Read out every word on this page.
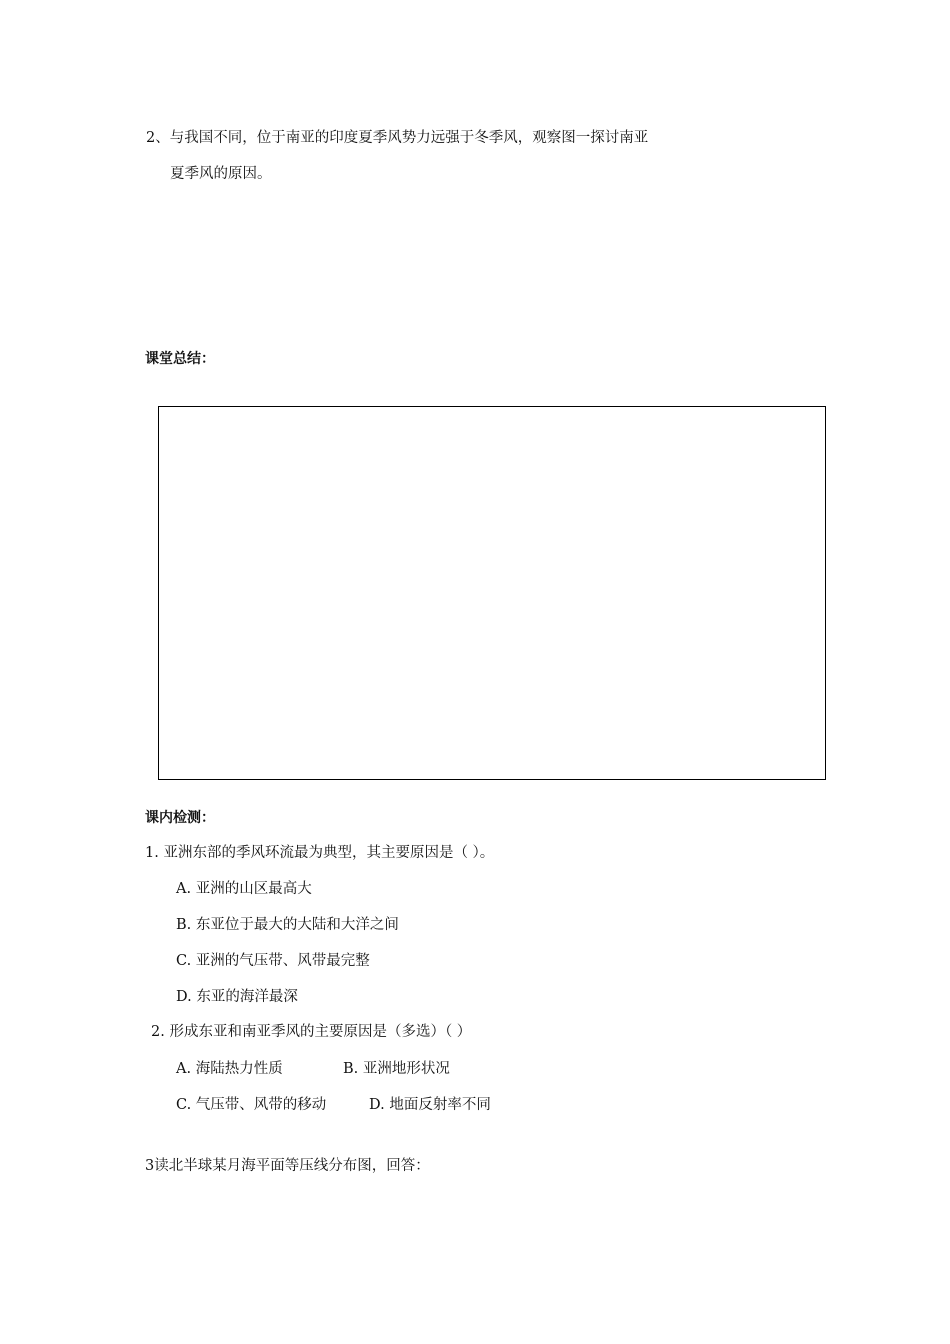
2、与我国不同，位于南亚的印度夏季风势力远强于冬季风，观察图一探讨南亚
夏季风的原因。
课堂总结：
课内检测：
1. 亚洲东部的季风环流最为典型，其主要原因是（ ）。
A. 亚洲的山区最高大
B. 东亚位于最大的大陆和大洋之间
C. 亚洲的气压带、风带最完整
D. 东亚的海洋最深
2. 形成东亚和南亚季风的主要原因是（多选）（ ）
A. 海陆热力性质	B. 亚洲地形状况
C. 气压带、风带的移动	D. 地面反射率不同
3读北半球某月海平面等压线分布图，回答：
